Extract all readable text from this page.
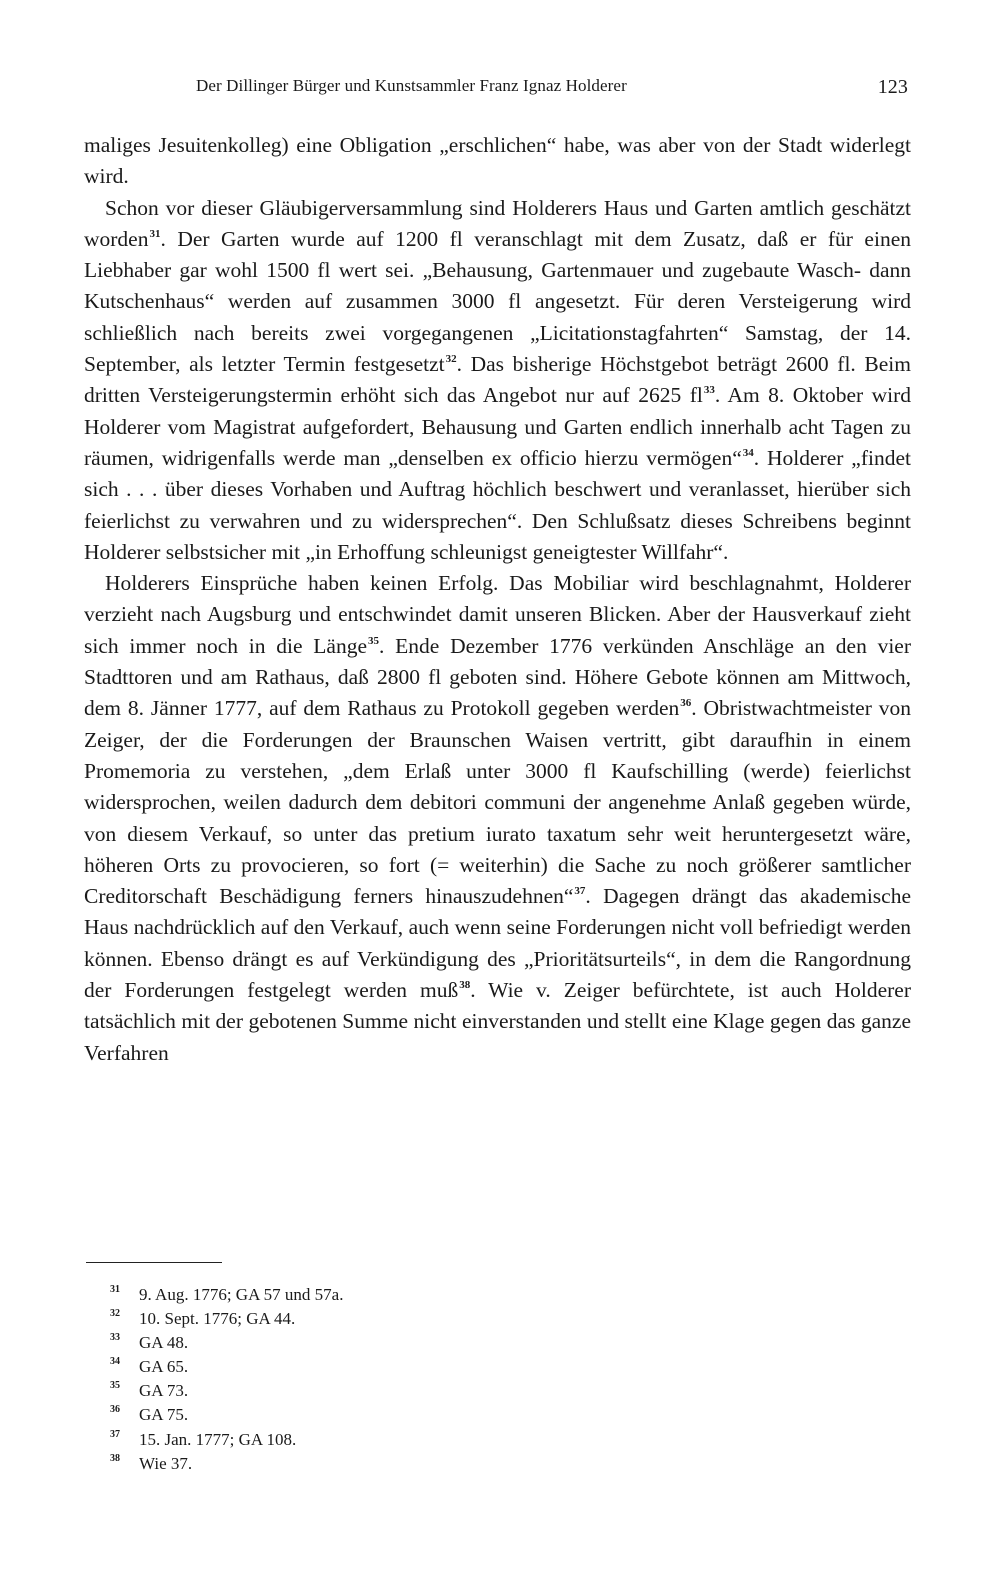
Der Dillinger Bürger und Kunstsammler Franz Ignaz Holderer	123

maliges Jesuitenkolleg) eine Obligation „erschlichen“ habe, was aber von der Stadt widerlegt wird.

Schon vor dieser Gläubigerversammlung sind Holderers Haus und Garten amtlich geschätzt worden$^{31}$. Der Garten wurde auf 1200 fl veranschlagt mit dem Zusatz, daß er für einen Liebhaber gar wohl 1500 fl wert sei. „Behausung, Gartenmauer und zugebaute Wasch- dann Kutschenhaus“ werden auf zusammen 3000 fl angesetzt. Für deren Versteigerung wird schließlich nach bereits zwei vorgegangenen „Licitationstagfahrten“ Samstag, der 14. September, als letzter Termin festgesetzt$^{32}$. Das bisherige Höchstgebot beträgt 2600 fl. Beim dritten Versteigerungstermin erhöht sich das Angebot nur auf 2625 fl$^{33}$. Am 8. Oktober wird Holderer vom Magistrat aufgefordert, Behausung und Garten endlich innerhalb acht Tagen zu räumen, widrigenfalls werde man „denselben ex officio hierzu vermögen“$^{34}$. Holderer „findet sich . . . über dieses Vorhaben und Auftrag höchlich beschwert und veranlasset, hierüber sich feierlichst zu verwahren und zu widersprechen“. Den Schlußsatz dieses Schreibens beginnt Holderer selbstsicher mit „in Erhoffung schleunigst geneigtester Willfahr“.

Holderers Einsprüche haben keinen Erfolg. Das Mobiliar wird beschlagnahmt, Holderer verzieht nach Augsburg und entschwindet damit unseren Blicken. Aber der Hausverkauf zieht sich immer noch in die Länge$^{35}$. Ende Dezember 1776 verkünden Anschläge an den vier Stadttoren und am Rathaus, daß 2800 fl geboten sind. Höhere Gebote können am Mittwoch, dem 8. Jänner 1777, auf dem Rathaus zu Protokoll gegeben werden$^{36}$. Obristwachtmeister von Zeiger, der die Forderungen der Braunschen Waisen vertritt, gibt daraufhin in einem Promemoria zu verstehen, „dem Erlaß unter 3000 fl Kaufschilling (werde) feierlichst widersprochen, weilen dadurch dem debitori communi der angenehme Anlaß gegeben würde, von diesem Verkauf, so unter das pretium iurato taxatum sehr weit heruntergesetzt wäre, höheren Orts zu provocieren, so fort (= weiterhin) die Sache zu noch größerer samtlicher Creditorschaft Beschädigung ferners hinauszudehnen“$^{37}$. Dagegen drängt das akademische Haus nachdrücklich auf den Verkauf, auch wenn seine Forderungen nicht voll befriedigt werden können. Ebenso drängt es auf Verkündigung des „Prioritätsurteils“, in dem die Rangordnung der Forderungen festgelegt werden muß$^{38}$. Wie v. Zeiger befürchtete, ist auch Holderer tatsächlich mit der gebotenen Summe nicht einverstanden und stellt eine Klage gegen das ganze Verfahren

31 9. Aug. 1776; GA 57 und 57a.
32 10. Sept. 1776; GA 44.
33 GA 48.
34 GA 65.
35 GA 73.
36 GA 75.
37 15. Jan. 1777; GA 108.
38 Wie 37.
